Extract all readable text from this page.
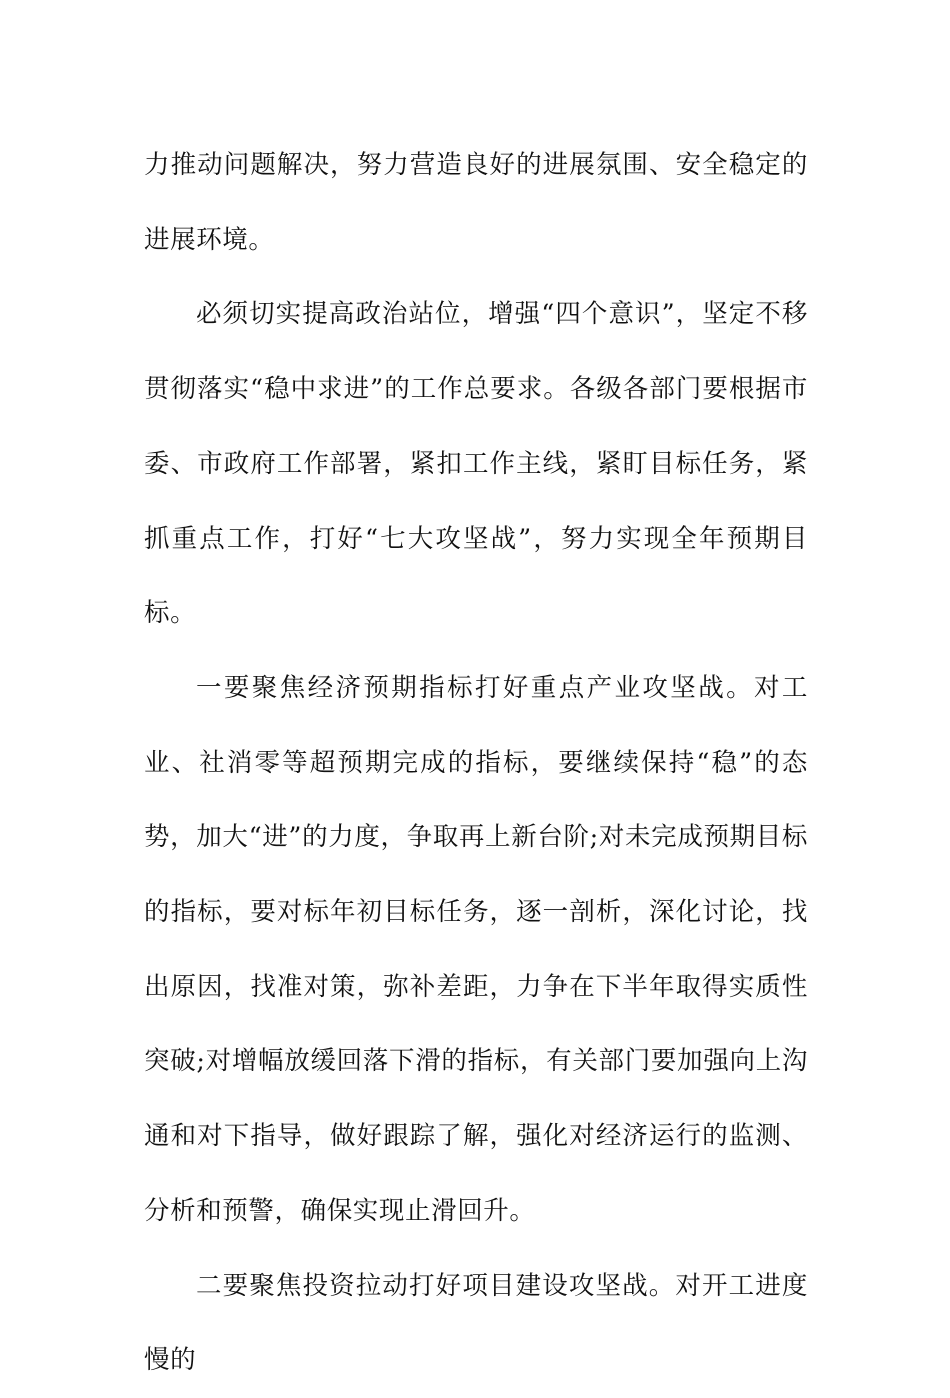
力推动问题解决，努力营造良好的进展氛围、安全稳定的进展环境。

必须切实提高政治站位，增强“四个意识”，坚定不移贯彻落实“稳中求进”的工作总要求。各级各部门要根据市委、市政府工作部署，紧扣工作主线，紧盯目标任务，紧抓重点工作，打好“七大攻坚战”，努力实现全年预期目标。

一要聚焦经济预期指标打好重点产业攻坚战。对工业、社消零等超预期完成的指标，要继续保持“稳”的态势，加大“进”的力度，争取再上新台阶;对未完成预期目标的指标，要对标年初目标任务，逐一剖析，深化讨论，找出原因，找准对策，弥补差距，力争在下半年取得实质性突破;对增幅放缓回落下滑的指标，有关部门要加强向上沟通和对下指导，做好跟踪了解，强化对经济运行的监测、分析和预警，确保实现止滑回升。

二要聚焦投资拉动打好项目建设攻坚战。对开工进度慢的
